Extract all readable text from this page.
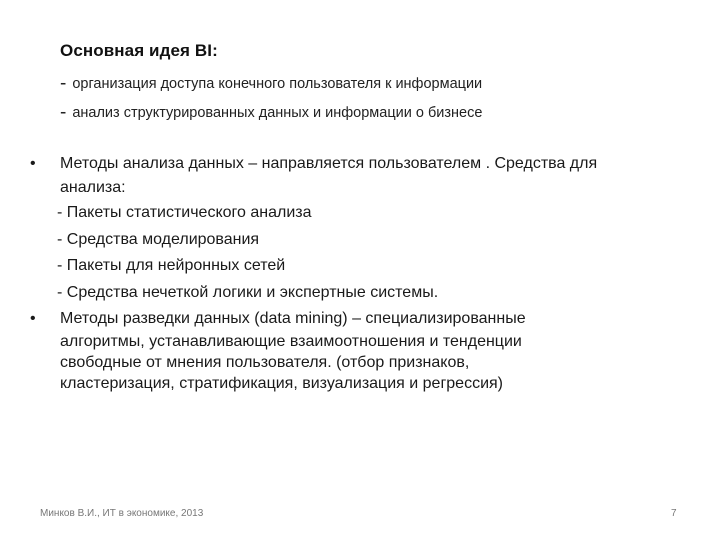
Основная идея BI:
- организация доступа конечного пользователя к информации
- анализ структурированных данных и информации о бизнесе
• Методы анализа данных – направляется пользователем . Средства для
анализа:
- Пакеты статистического анализа
- Средства моделирования
- Пакеты для нейронных сетей
- Средства нечеткой логики и экспертные системы.
• Методы разведки данных (data mining) – специализированные
алгоритмы, устанавливающие взаимоотношения и тенденции
свободные от мнения пользователя. (отбор признаков,
кластеризация, стратификация, визуализация и регрессия)
Минков В.И., ИТ в экономике, 2013	7
